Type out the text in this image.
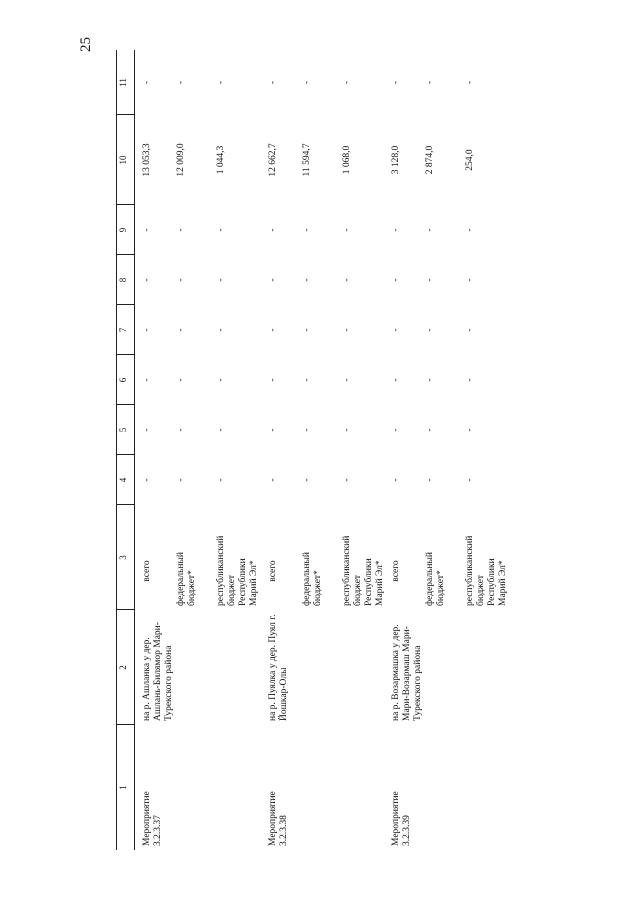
25
1
2
3
4
5
6
7
8
9
10
11
Мероприятие 3.2.3.37
на р. Ашланка у дер. Ашлань-Билямор Мари-Турекского района
всего
-
-
-
-
-
-
13 053,3
-
федеральный бюджет*
-
-
-
-
-
-
12 009,0
-
республиканский бюджет Республики Марий Эл*
-
-
-
-
-
-
1 044,3
-
Мероприятие 3.2.3.38
на р. Пуялка у дер. Пуял г. Йошкар-Олы
всего
-
-
-
-
-
-
12 662,7
-
федеральный бюджет*
-
-
-
-
-
-
11 594,7
-
республиканский бюджет Республики Марий Эл*
-
-
-
-
-
-
1 068,0
-
Мероприятие 3.2.3.39
на р. Возармашка у дер. Мари-Возармаш Мари-Турекского района
всего
-
-
-
-
-
-
3 128,0
-
федеральный бюджет*
-
-
-
-
-
-
2 874,0
-
республиканский бюджет Республики Марий Эл*
-
-
-
-
-
-
254,0
-
